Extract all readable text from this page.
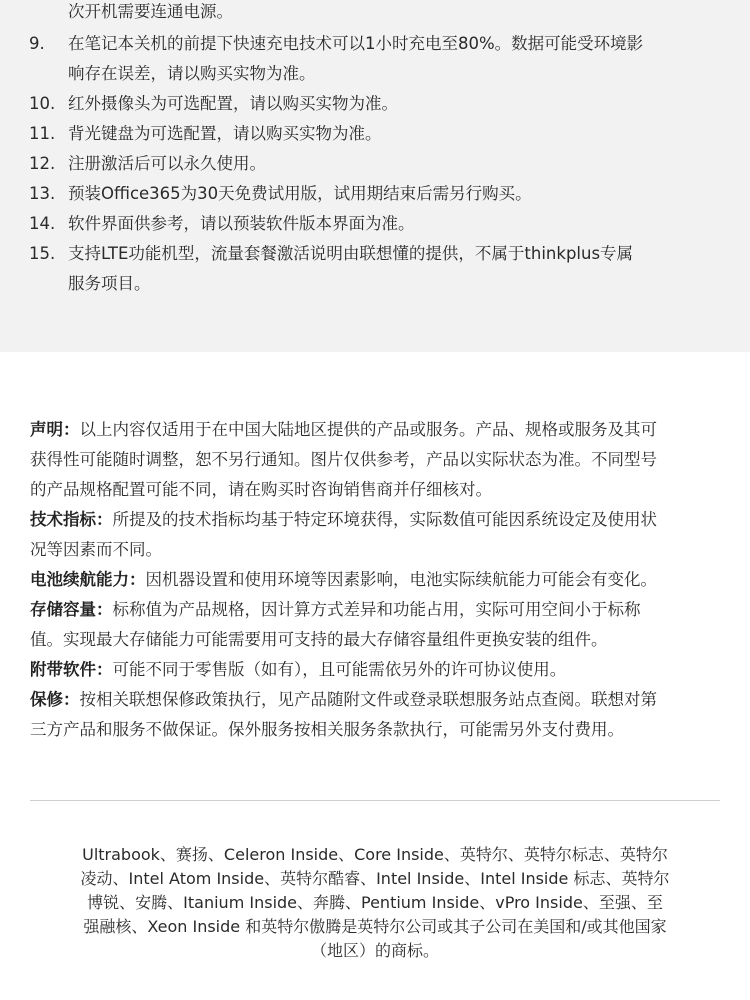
次开机需要连通电源。
9.	在笔记本关机的前提下快速充电技术可以1小时充电至80%。数据可能受环境影
响存在误差，请以购买实物为准。
10. 红外摄像头为可选配置，请以购买实物为准。
11. 背光键盘为可选配置，请以购买实物为准。
12. 注册激活后可以永久使用。
13. 预装Office365为30天免费试用版，试用期结束后需另行购买。
14. 软件界面供参考，请以预装软件版本界面为准。
15. 支持LTE功能机型，流量套餐激活说明由联想懂的提供，不属于thinkplus专属
服务项目。
声明：以上内容仅适用于在中国大陆地区提供的产品或服务。产品、规格或服务及其可
获得性可能随时调整，恕不另行通知。图片仅供参考，产品以实际状态为准。不同型号
的产品规格配置可能不同，请在购买时咨询销售商并仔细核对。
技术指标：所提及的技术指标均基于特定环境获得，实际数值可能因系统设定及使用状
况等因素而不同。
电池续航能力：因机器设置和使用环境等因素影响，电池实际续航能力可能会有变化。
存储容量：标称值为产品规格，因计算方式差异和功能占用，实际可用空间小于标称
值。实现最大存储能力可能需要用可支持的最大存储容量组件更换安装的组件。
附带软件：可能不同于零售版（如有），且可能需依另外的许可协议使用。
保修：按相关联想保修政策执行，见产品随附文件或登录联想服务站点查阅。联想对第
三方产品和服务不做保证。保外服务按相关服务条款执行，可能需另外支付费用。
Ultrabook、赛扬、Celeron Inside、Core Inside、英特尔、英特尔标志、英特尔
凌动、Intel Atom Inside、英特尔酷睿、Intel Inside、Intel Inside 标志、英特尔
博锐、安腾、Itanium Inside、奔腾、Pentium Inside、vPro Inside、至强、至
强融核、Xeon Inside 和英特尔傲腾是英特尔公司或其子公司在美国和/或其他国家
（地区）的商标。
